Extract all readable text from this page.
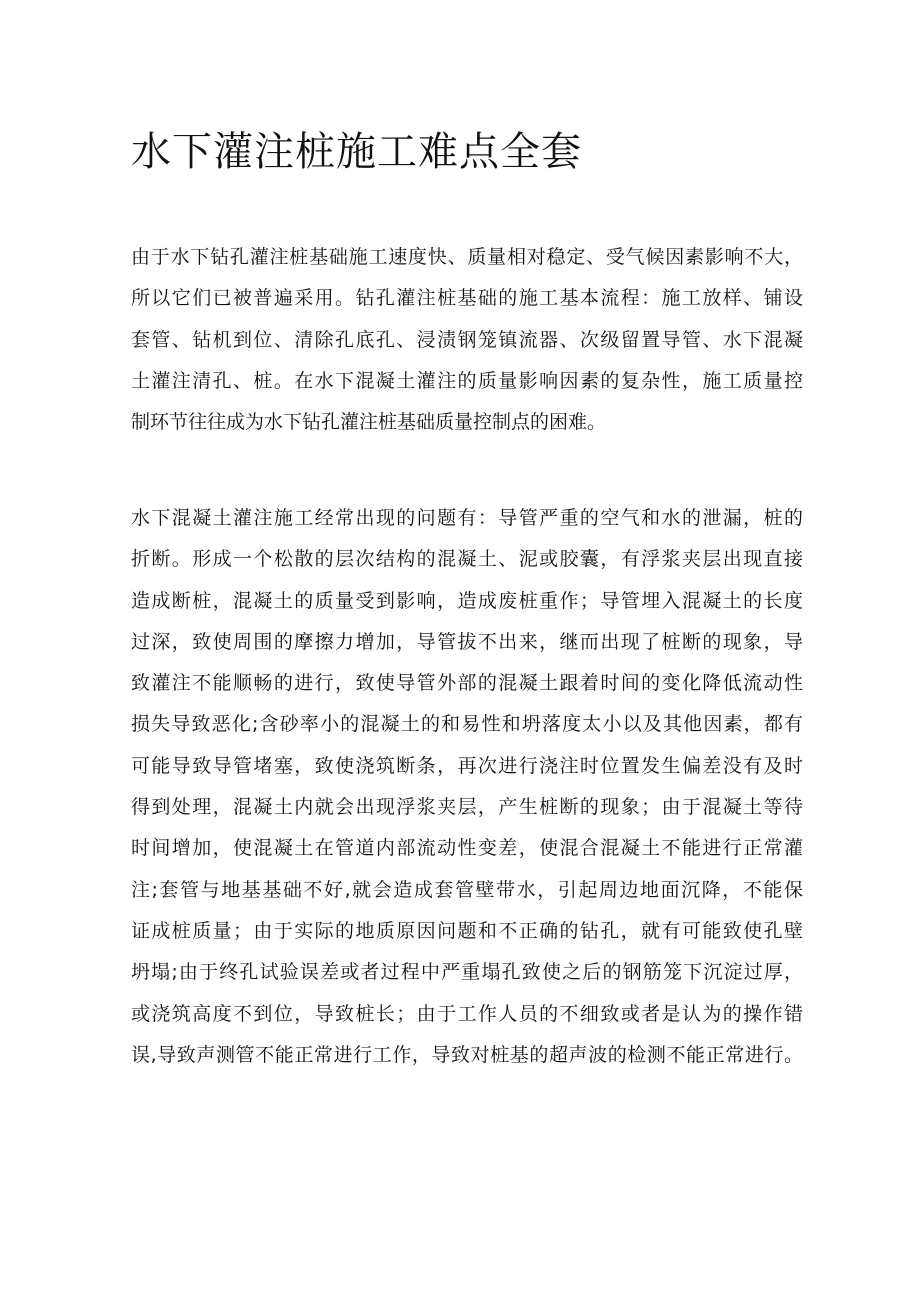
水下灌注桩施工难点全套

由于水下钻孔灌注桩基础施工速度快、质量相对稳定、受气候因素影响不大，
所以它们已被普遍采用。钻孔灌注桩基础的施工基本流程：施工放样、铺设
套管、钻机到位、清除孔底孔、浸渍钢笼镇流器、次级留置导管、水下混凝
土灌注清孔、桩。在水下混凝土灌注的质量影响因素的复杂性，施工质量控
制环节往往成为水下钻孔灌注桩基础质量控制点的困难。

水下混凝土灌注施工经常出现的问题有：导管严重的空气和水的泄漏，桩的
折断。形成一个松散的层次结构的混凝土、泥或胶囊，有浮浆夹层出现直接
造成断桩，混凝土的质量受到影响，造成废桩重作；导管埋入混凝土的长度
过深，致使周围的摩擦力增加，导管拔不出来，继而出现了桩断的现象，导
致灌注不能顺畅的进行，致使导管外部的混凝土跟着时间的变化降低流动性
损失导致恶化;含砂率小的混凝土的和易性和坍落度太小以及其他因素，都有
可能导致导管堵塞，致使浇筑断条，再次进行浇注时位置发生偏差没有及时
得到处理，混凝土内就会出现浮浆夹层，产生桩断的现象；由于混凝土等待
时间增加，使混凝土在管道内部流动性变差，使混合混凝土不能进行正常灌
注;套管与地基基础不好,就会造成套管壁带水，引起周边地面沉降，不能保
证成桩质量；由于实际的地质原因问题和不正确的钻孔，就有可能致使孔壁
坍塌;由于终孔试验误差或者过程中严重塌孔致使之后的钢筋笼下沉淀过厚，
或浇筑高度不到位，导致桩长；由于工作人员的不细致或者是认为的操作错
误,导致声测管不能正常进行工作，导致对桩基的超声波的检测不能正常进行。
